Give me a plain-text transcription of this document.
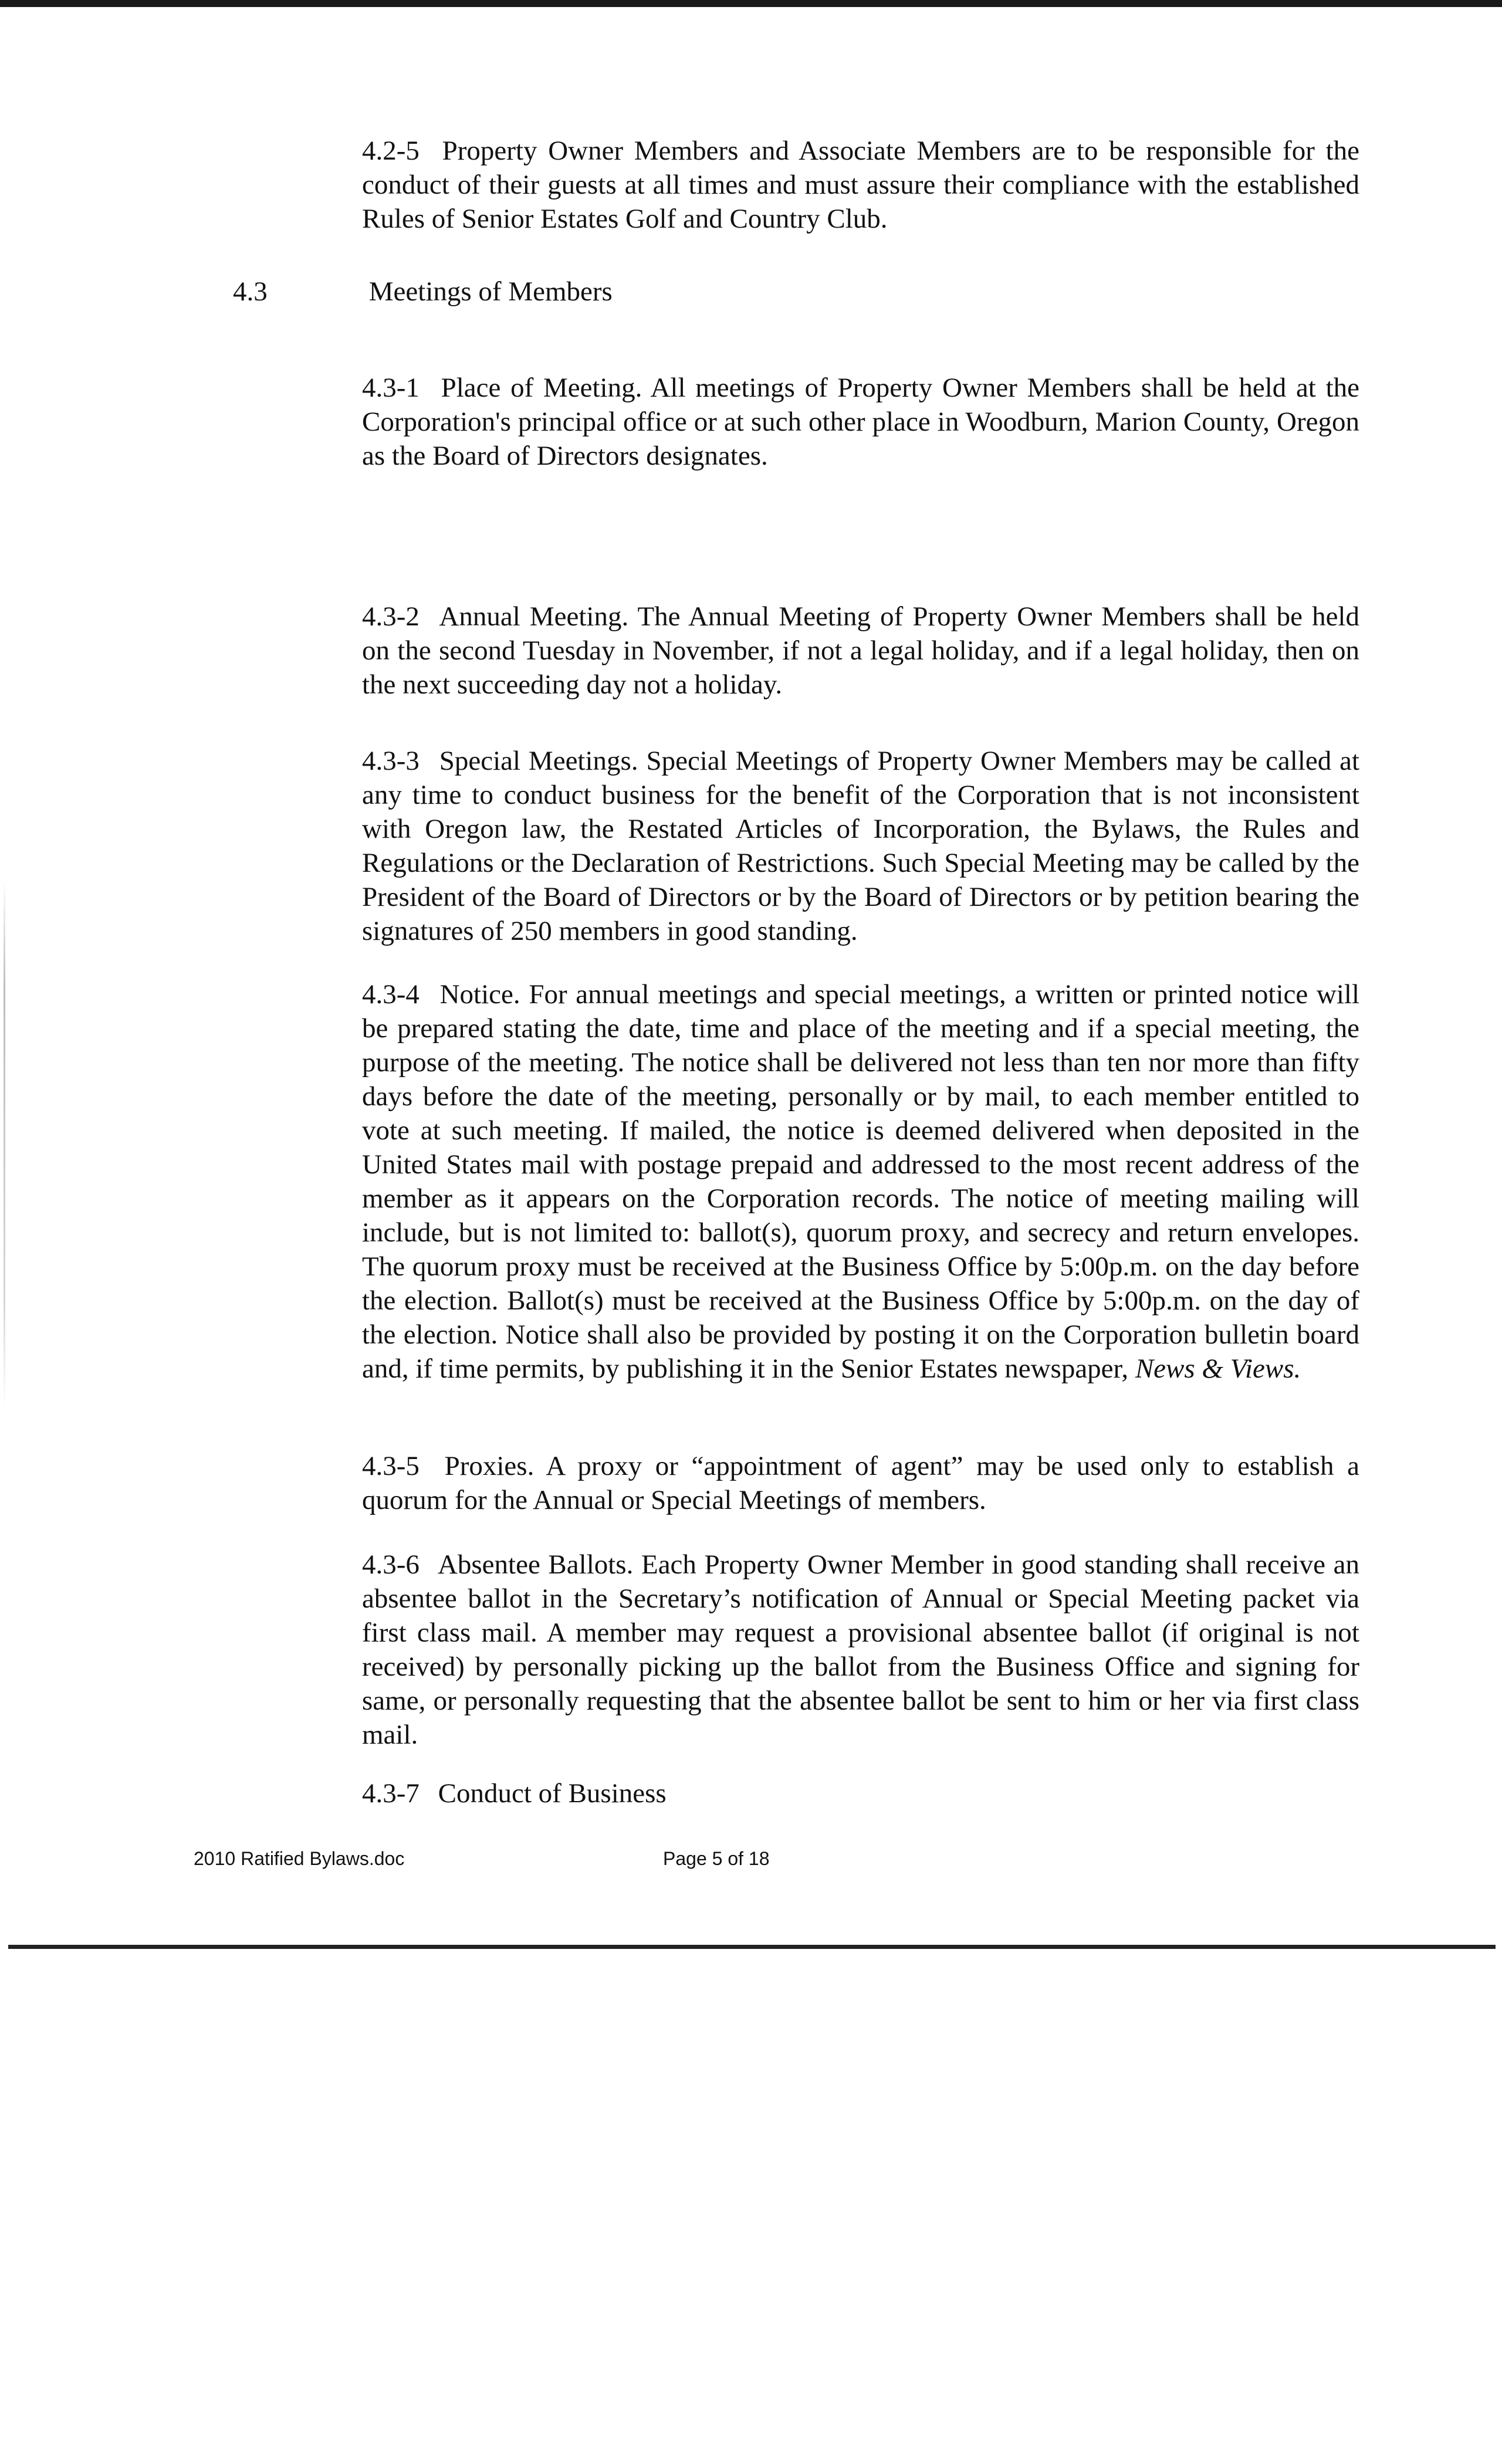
4.2-5 Property Owner Members and Associate Members are to be responsible for the conduct of their guests at all times and must assure their compliance with the established Rules of Senior Estates Golf and Country Club.

4.3	Meetings of Members

4.3-1 Place of Meeting. All meetings of Property Owner Members shall be held at the Corporation's principal office or at such other place in Woodburn, Marion County, Oregon as the Board of Directors designates.

4.3-2 Annual Meeting. The Annual Meeting of Property Owner Members shall be held on the second Tuesday in November, if not a legal holiday, and if a legal holiday, then on the next succeeding day not a holiday.

4.3-3 Special Meetings. Special Meetings of Property Owner Members may be called at any time to conduct business for the benefit of the Corporation that is not inconsistent with Oregon law, the Restated Articles of Incorporation, the Bylaws, the Rules and Regulations or the Declaration of Restrictions. Such Special Meeting may be called by the President of the Board of Directors or by the Board of Directors or by petition bearing the signatures of 250 members in good standing.

4.3-4 Notice. For annual meetings and special meetings, a written or printed notice will be prepared stating the date, time and place of the meeting and if a special meeting, the purpose of the meeting. The notice shall be delivered not less than ten nor more than fifty days before the date of the meeting, personally or by mail, to each member entitled to vote at such meeting. If mailed, the notice is deemed delivered when deposited in the United States mail with postage prepaid and addressed to the most recent address of the member as it appears on the Corporation records. The notice of meeting mailing will include, but is not limited to: ballot(s), quorum proxy, and secrecy and return envelopes. The quorum proxy must be received at the Business Office by 5:00p.m. on the day before the election. Ballot(s) must be received at the Business Office by 5:00p.m. on the day of the election. Notice shall also be provided by posting it on the Corporation bulletin board and, if time permits, by publishing it in the Senior Estates newspaper, News & Views.

4.3-5 Proxies. A proxy or “appointment of agent” may be used only to establish a quorum for the Annual or Special Meetings of members.

4.3-6 Absentee Ballots. Each Property Owner Member in good standing shall receive an absentee ballot in the Secretary’s notification of Annual or Special Meeting packet via first class mail. A member may request a provisional absentee ballot (if original is not received) by personally picking up the ballot from the Business Office and signing for same, or personally requesting that the absentee ballot be sent to him or her via first class mail.

4.3-7 Conduct of Business

2010 Ratified Bylaws.doc	Page 5 of 18
